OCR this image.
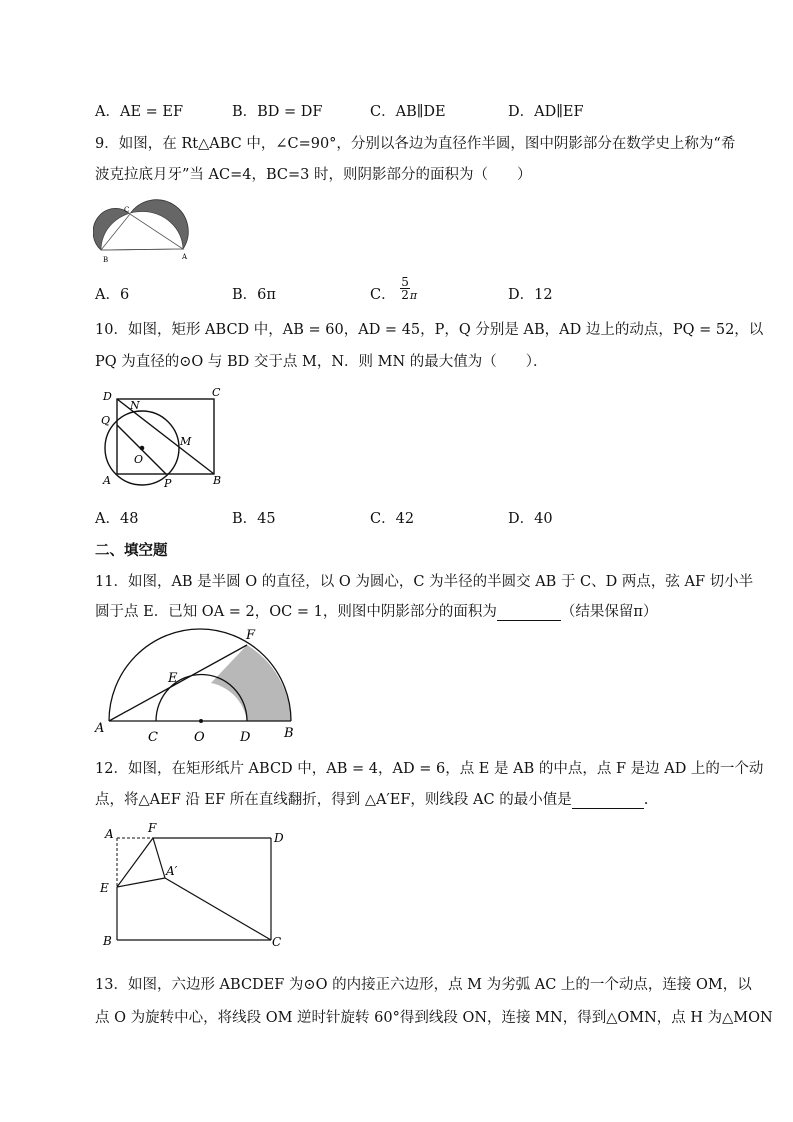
A．AE = EF	B．BD = DF	C．AB∥DE	D．AD∥EF
9．如图，在 Rt△ABC 中，∠C=90°，分别以各边为直径作半圆，图中阴影部分在数学史上称为“希
波克拉底月牙”当 AC=4，BC=3 时，则阴影部分的面积为（　　）
C
B	A
A．6	B．6π	C． $\frac{5}{2}$ π	D．12
10．如图，矩形 ABCD 中，AB = 60，AD = 45，P，Q 分别是 AB，AD 边上的动点，PQ = 52，以
PQ 为直径的⊙O 与 BD 交于点 M，N．则 MN 的最大值为（　　）．
D	C
N
Q
M
O
A	P	B
A．48	B．45	C．42	D．40
二、填空题
11．如图，AB 是半圆 O 的直径，以 O 为圆心，C 为半径的半圆交 AB 于 C、D 两点，弦 AF 切小半
圆于点 E．已知 OA = 2，OC = 1，则图中阴影部分的面积为	（结果保留π）
F
E
A
C	O	D	B
12．如图，在矩形纸片 ABCD 中，AB = 4，AD = 6，点 E 是 AB 的中点，点 F 是边 AD 上的一个动
点，将△AEF 沿 EF 所在直线翻折，得到 △A′EF，则线段 AC 的最小值是	.
A	F
D
A′
E
B	C
13．如图，六边形 ABCDEF 为⊙O 的内接正六边形，点 M 为劣弧 AC 上的一个动点，连接 OM，以
点 O 为旋转中心，将线段 OM 逆时针旋转 60°得到线段 ON，连接 MN，得到△OMN，点 H 为△MON
